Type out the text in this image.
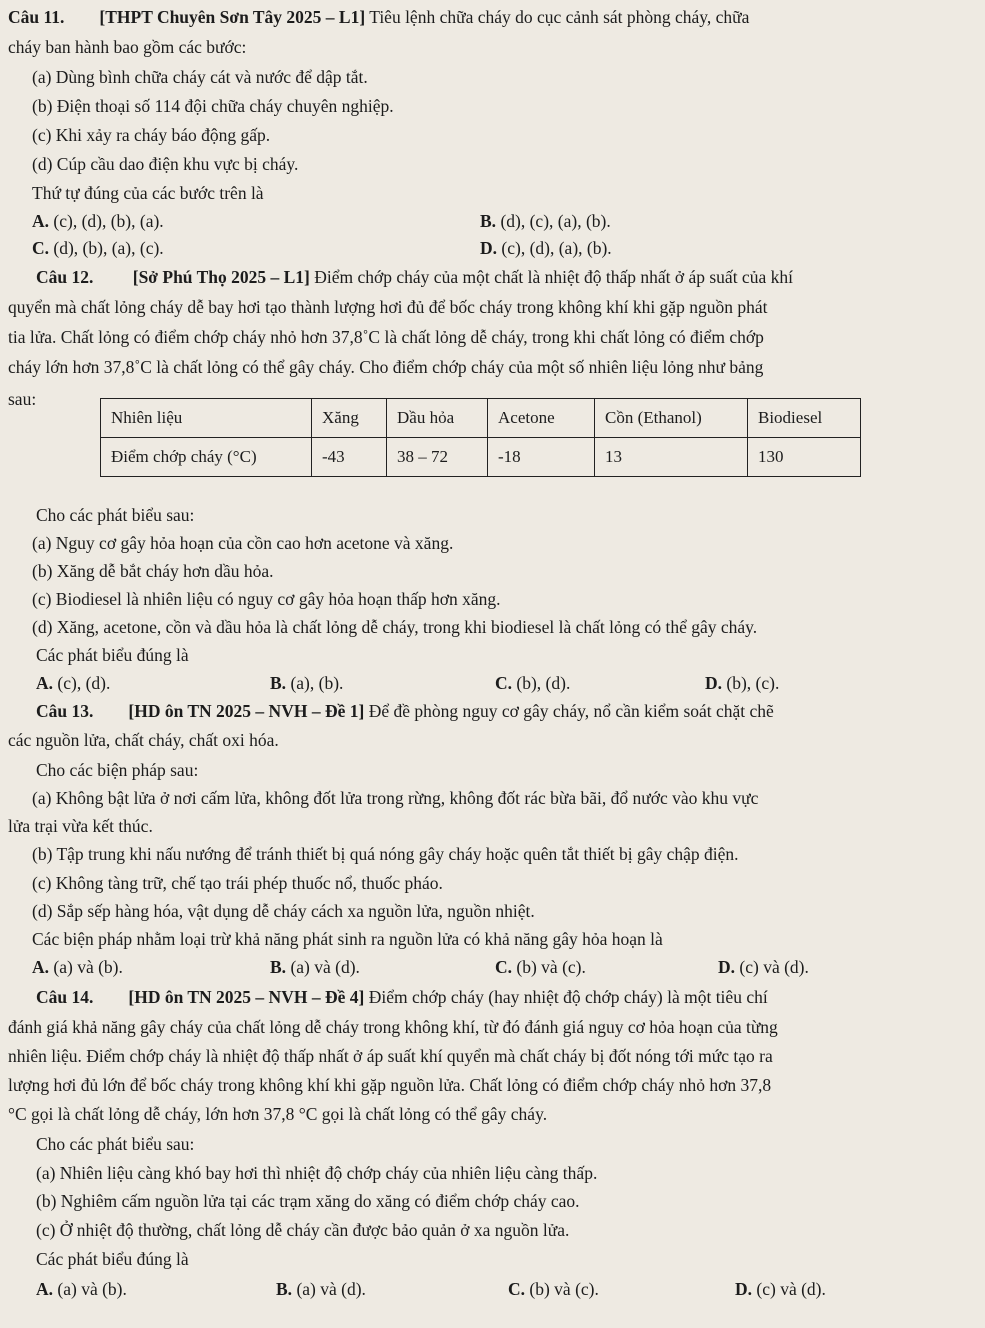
Câu 11. [THPT Chuyên Sơn Tây 2025 – L1] Tiêu lệnh chữa cháy do cục cảnh sát phòng cháy, chữa
cháy ban hành bao gồm các bước:
(a) Dùng bình chữa cháy cát và nước để dập tắt.
(b) Điện thoại số 114 đội chữa cháy chuyên nghiệp.
(c) Khi xảy ra cháy báo động gấp.
(d) Cúp cầu dao điện khu vực bị cháy.
Thứ tự đúng của các bước trên là
A. (c), (d), (b), (a).	B. (d), (c), (a), (b).
C. (d), (b), (a), (c).	D. (c), (d), (a), (b).
Câu 12. [Sở Phú Thọ 2025 – L1] Điểm chớp cháy của một chất là nhiệt độ thấp nhất ở áp suất của khí
quyển mà chất lỏng cháy dễ bay hơi tạo thành lượng hơi đủ để bốc cháy trong không khí khi gặp nguồn phát
tia lửa. Chất lỏng có điểm chớp cháy nhỏ hơn 37,8˚C là chất lỏng dễ cháy, trong khi chất lỏng có điểm chớp
cháy lớn hơn 37,8˚C là chất lỏng có thể gây cháy. Cho điểm chớp cháy của một số nhiên liệu lỏng như bảng
sau:
Nhiên liệu	Xăng	Dầu hỏa	Acetone	Cồn (Ethanol)	Biodiesel
Điểm chớp cháy (°C)	-43	38 – 72	-18	13	130
Cho các phát biểu sau:
(a) Nguy cơ gây hỏa hoạn của cồn cao hơn acetone và xăng.
(b) Xăng dễ bắt cháy hơn dầu hỏa.
(c) Biodiesel là nhiên liệu có nguy cơ gây hỏa hoạn thấp hơn xăng.
(d) Xăng, acetone, cồn và dầu hỏa là chất lỏng dễ cháy, trong khi biodiesel là chất lỏng có thể gây cháy.
Các phát biểu đúng là
A. (c), (d).	B. (a), (b).	C. (b), (d).	D. (b), (c).
Câu 13. [HD ôn TN 2025 – NVH – Đề 1] Để đề phòng nguy cơ gây cháy, nổ cần kiểm soát chặt chẽ
các nguồn lửa, chất cháy, chất oxi hóa.
Cho các biện pháp sau:
(a) Không bật lửa ở nơi cấm lửa, không đốt lửa trong rừng, không đốt rác bừa bãi, đổ nước vào khu vực
lửa trại vừa kết thúc.
(b) Tập trung khi nấu nướng để tránh thiết bị quá nóng gây cháy hoặc quên tắt thiết bị gây chập điện.
(c) Không tàng trữ, chế tạo trái phép thuốc nổ, thuốc pháo.
(d) Sắp sếp hàng hóa, vật dụng dễ cháy cách xa nguồn lửa, nguồn nhiệt.
Các biện pháp nhằm loại trừ khả năng phát sinh ra nguồn lửa có khả năng gây hỏa hoạn là
A. (a) và (b).	B. (a) và (d).	C. (b) và (c).	D. (c) và (d).
Câu 14. [HD ôn TN 2025 – NVH – Đề 4] Điểm chớp cháy (hay nhiệt độ chớp cháy) là một tiêu chí
đánh giá khả năng gây cháy của chất lỏng dễ cháy trong không khí, từ đó đánh giá nguy cơ hỏa hoạn của từng
nhiên liệu. Điểm chớp cháy là nhiệt độ thấp nhất ở áp suất khí quyển mà chất cháy bị đốt nóng tới mức tạo ra
lượng hơi đủ lớn để bốc cháy trong không khí khi gặp nguồn lửa. Chất lỏng có điểm chớp cháy nhỏ hơn 37,8
°C gọi là chất lỏng dễ cháy, lớn hơn 37,8 °C gọi là chất lỏng có thể gây cháy.
Cho các phát biểu sau:
(a) Nhiên liệu càng khó bay hơi thì nhiệt độ chớp cháy của nhiên liệu càng thấp.
(b) Nghiêm cấm nguồn lửa tại các trạm xăng do xăng có điểm chớp cháy cao.
(c) Ở nhiệt độ thường, chất lỏng dễ cháy cần được bảo quản ở xa nguồn lửa.
Các phát biểu đúng là
A. (a) và (b).	B. (a) và (d).	C. (b) và (c).	D. (c) và (d).
